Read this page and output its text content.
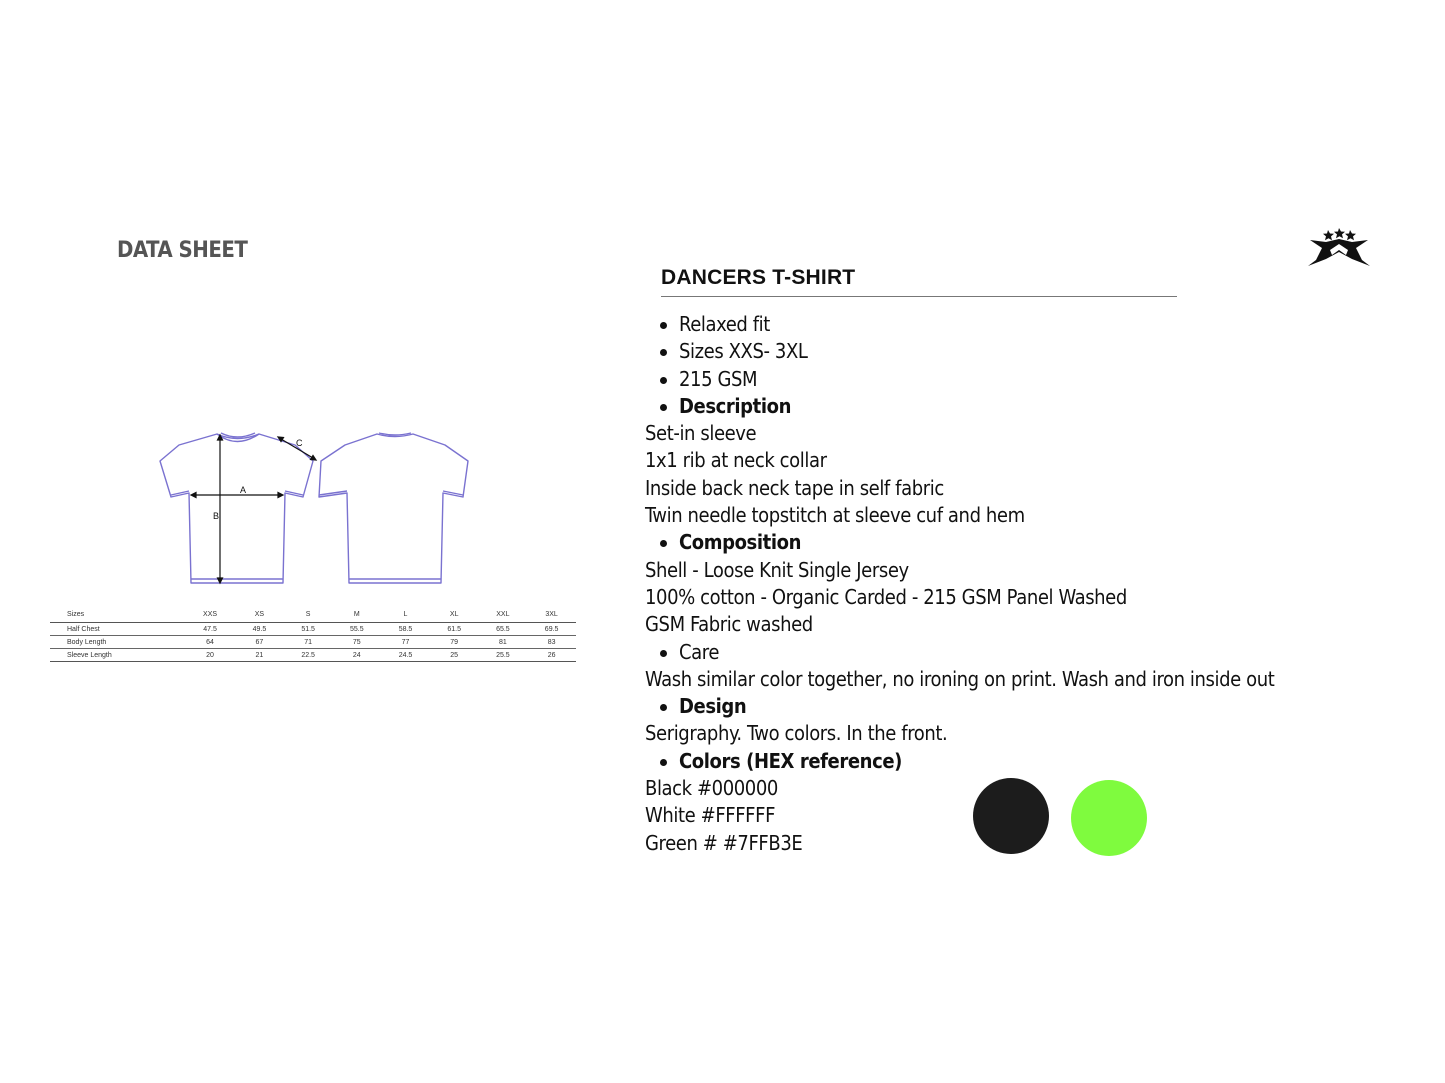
DATA SHEET
DANCERS T-SHIRT
A
B
C
Sizes	XXS	XS	S	M	L	XL	XXL	3XL
Half Chest	47.5	49.5	51.5	55.5	58.5	61.5	65.5	69.5
Body Length	64	67	71	75	77	79	81	83
Sleeve Length	20	21	22.5	24	24.5	25	25.5	26
Relaxed fit
Sizes XXS- 3XL
215 GSM
Description
Set-in sleeve
1x1 rib at neck collar
Inside back neck tape in self fabric
Twin needle topstitch at sleeve cuf and hem
Composition
Shell - Loose Knit Single Jersey
100% cotton - Organic Carded - 215 GSM Panel Washed
GSM Fabric washed
Care
Wash similar color together, no ironing on print. Wash and iron inside out
Design
Serigraphy. Two colors. In the front.
Colors (HEX reference)
Black #000000
White #FFFFFF
Green # #7FFB3E
